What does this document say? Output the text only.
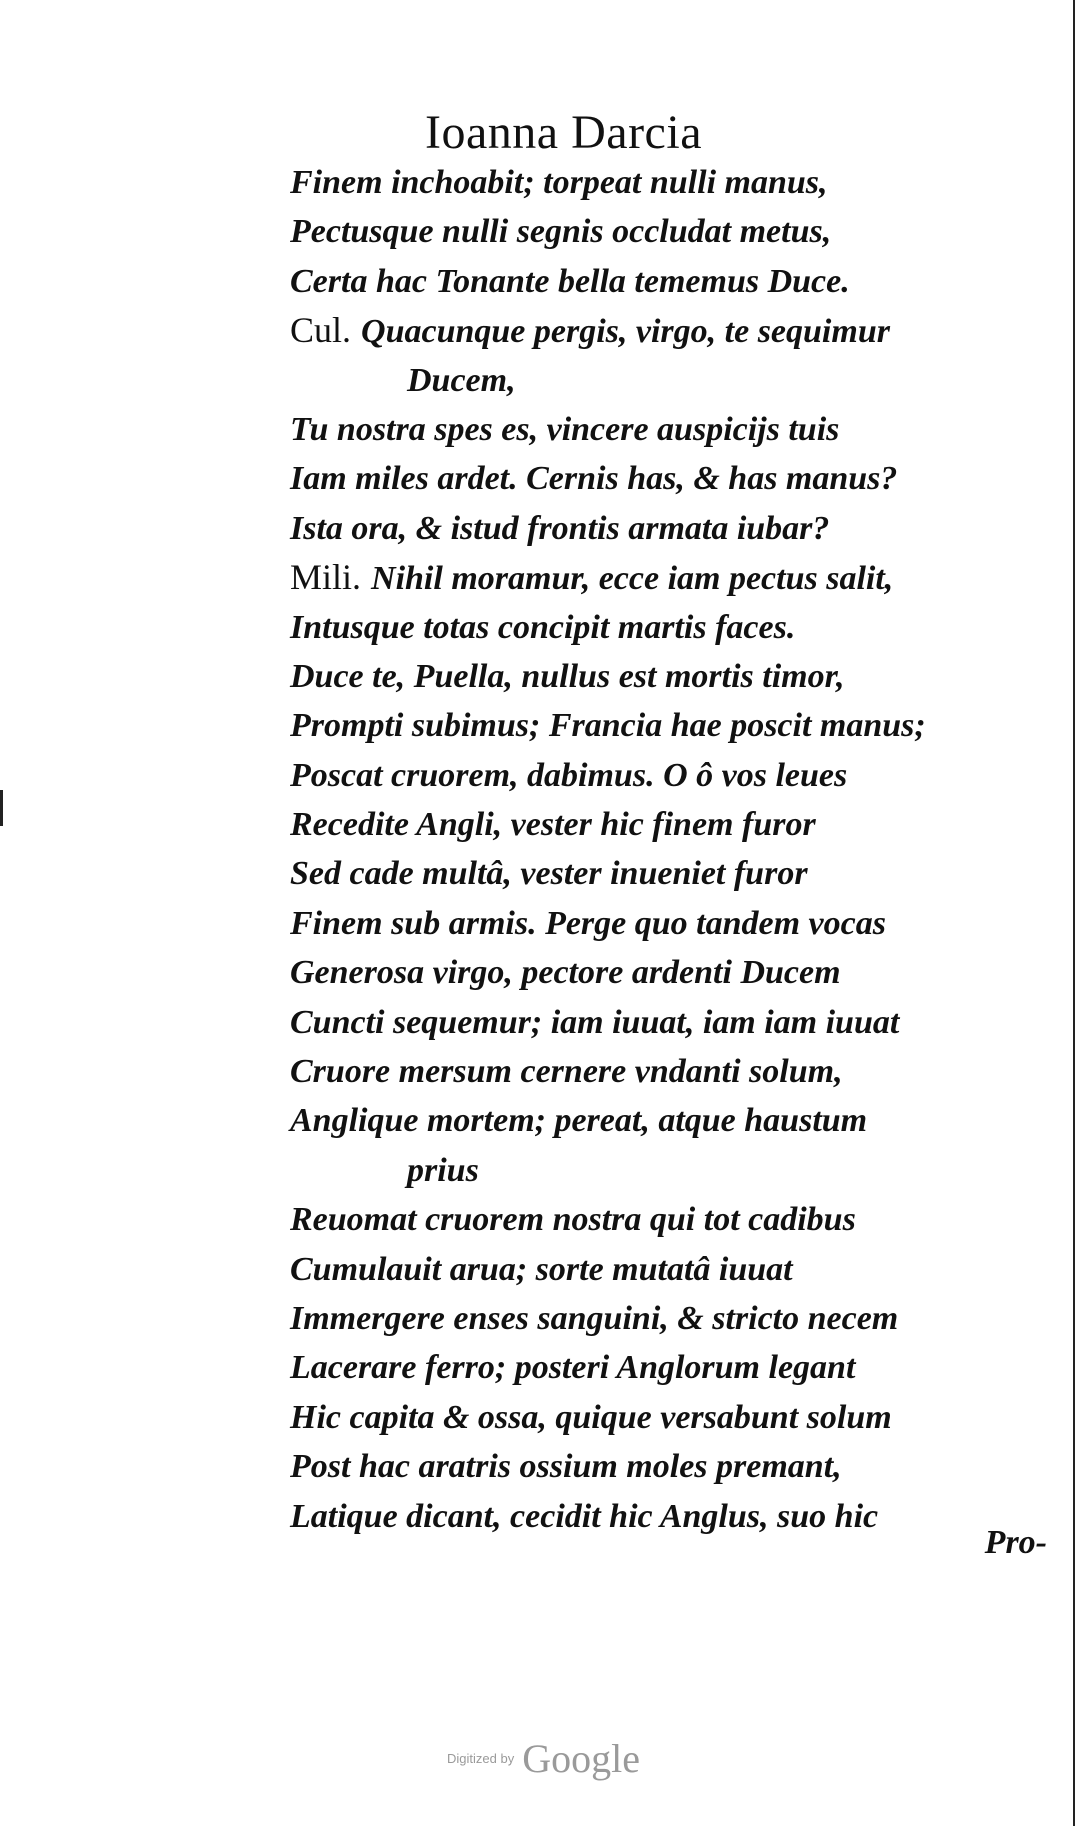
Ioanna Darcia
Finem inchoabit; torpeat nulli manus,
Pectusque nulli segnis occludat metus,
Certa hac Tonante bella tememus Duce.
Cul. Quacunque pergis, virgo, te sequimur
Ducem,
Tu nostra spes es, vincere auspicijs tuis
Iam miles ardet. Cernis has, & has manus?
Ista ora, & istud frontis armata iubar?
Mili. Nihil moramur, ecce iam pectus salit,
Intusque totas concipit martis faces.
Duce te, Puella, nullus est mortis timor,
Prompti subimus; Francia hae poscit manus;
Poscat cruorem, dabimus. O ô vos leues
Recedite Angli, vester hic finem furor
Sed cade multâ, vester inueniet furor
Finem sub armis. Perge quo tandem vocas
Generosa virgo, pectore ardenti Ducem
Cuncti sequemur; iam iuuat, iam iam iuuat
Cruore mersum cernere vndanti solum,
Anglique mortem; pereat, atque haustum
prius
Reuomat cruorem nostra qui tot cadibus
Cumulauit arua; sorte mutatâ iuuat
Immergere enses sanguini, & stricto necem
Lacerare ferro; posteri Anglorum legant
Hic capita & ossa, quique versabunt solum
Post hac aratris ossium moles premant,
Latique dicant, cecidit hic Anglus, suo hic
Pro-
Digitized by Google
